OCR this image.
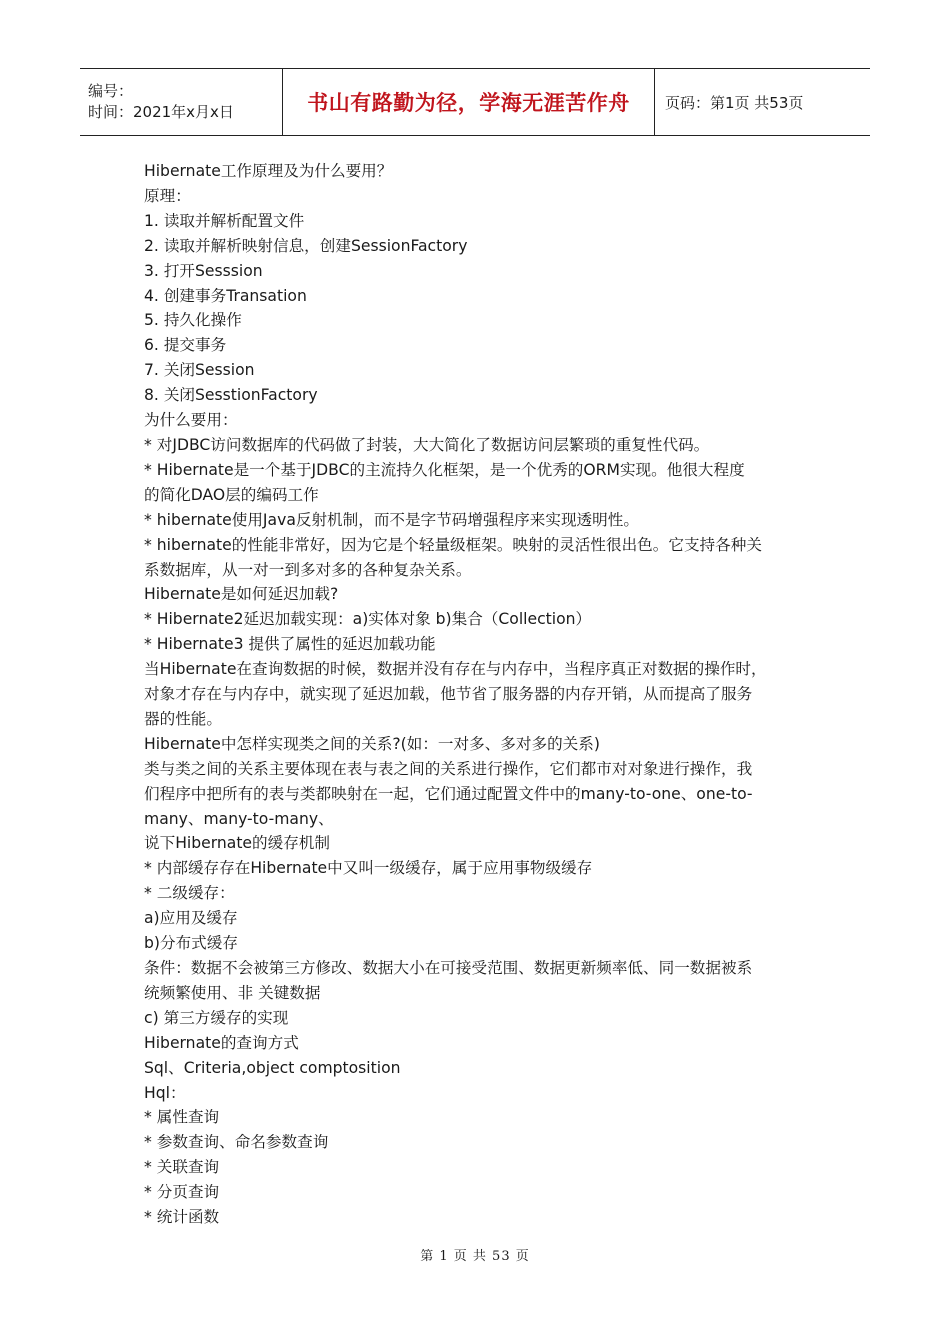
编号：
时间：2021年x月x日	书山有路勤为径，学海无涯苦作舟	页码：第1页 共53页

Hibernate工作原理及为什么要用？

原理：

1. 读取并解析配置文件

2. 读取并解析映射信息，创建SessionFactory

3. 打开Sesssion

4. 创建事务Transation

5. 持久化操作

6. 提交事务

7. 关闭Session

8. 关闭SesstionFactory

为什么要用：

* 对JDBC访问数据库的代码做了封装，大大简化了数据访问层繁琐的重复性代码。

* Hibernate是一个基于JDBC的主流持久化框架，是一个优秀的ORM实现。他很大程度

的简化DAO层的编码工作

* hibernate使用Java反射机制，而不是字节码增强程序来实现透明性。

* hibernate的性能非常好，因为它是个轻量级框架。映射的灵活性很出色。它支持各种关

系数据库，从一对一到多对多的各种复杂关系。

Hibernate是如何延迟加载?

* Hibernate2延迟加载实现：a)实体对象 b)集合（Collection）

* Hibernate3 提供了属性的延迟加载功能

当Hibernate在查询数据的时候，数据并没有存在与内存中，当程序真正对数据的操作时，

对象才存在与内存中，就实现了延迟加载，他节省了服务器的内存开销，从而提高了服务

器的性能。

Hibernate中怎样实现类之间的关系?(如：一对多、多对多的关系)

类与类之间的关系主要体现在表与表之间的关系进行操作，它们都市对对象进行操作，我

们程序中把所有的表与类都映射在一起，它们通过配置文件中的many-to-one、one-to-

many、many-to-many、

说下Hibernate的缓存机制

* 内部缓存存在Hibernate中又叫一级缓存，属于应用事物级缓存

* 二级缓存：

a)应用及缓存

b)分布式缓存

条件：数据不会被第三方修改、数据大小在可接受范围、数据更新频率低、同一数据被系

统频繁使用、非 关键数据

c) 第三方缓存的实现

Hibernate的查询方式

Sql、Criteria,object comptosition

Hql：

* 属性查询

* 参数查询、命名参数查询

* 关联查询

* 分页查询

* 统计函数

第 1 页 共 53 页
